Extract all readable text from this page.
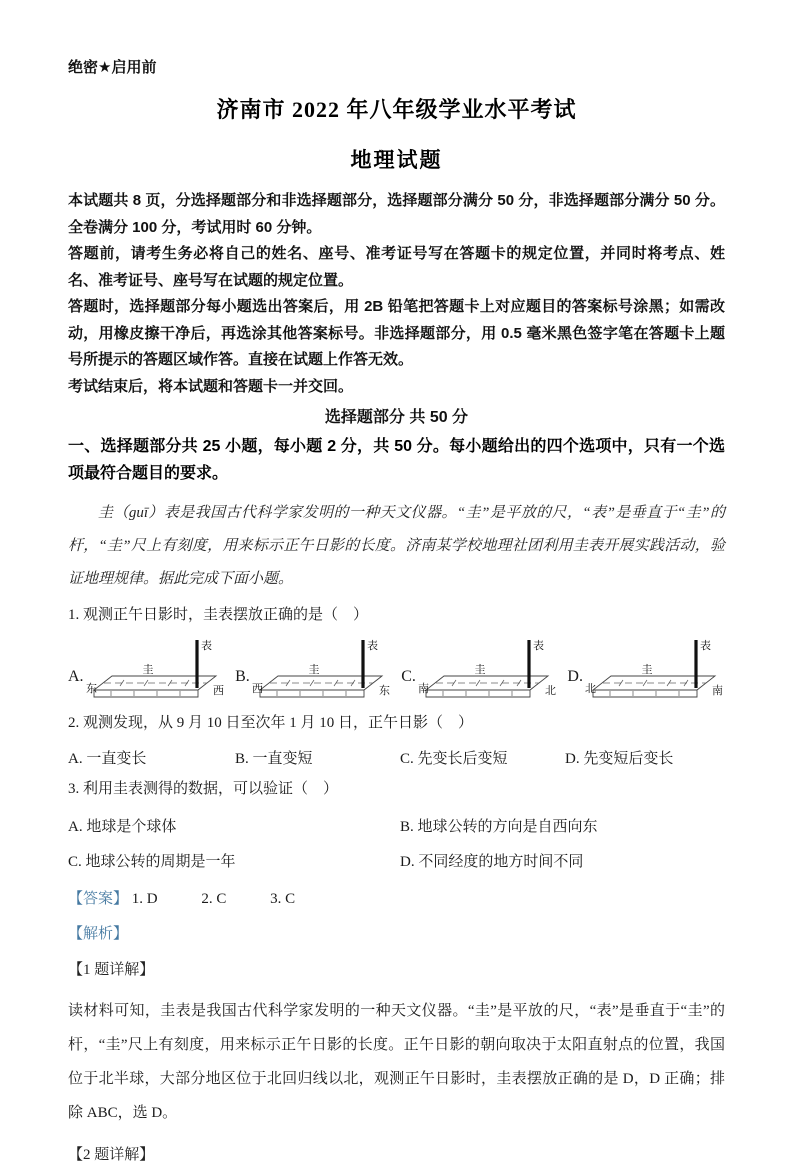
绝密★启用前
济南市 2022 年八年级学业水平考试
地理试题

本试题共 8 页，分选择题部分和非选择题部分，选择题部分满分 50 分，非选择题部分满分 50 分。全卷满分 100 分，考试用时 60 分钟。

答题前，请考生务必将自己的姓名、座号、准考证号写在答题卡的规定位置，并同时将考点、姓名、准考证号、座号写在试题的规定位置。

答题时，选择题部分每小题选出答案后，用 2B 铅笔把答题卡上对应题目的答案标号涂黑；如需改动，用橡皮擦干净后，再选涂其他答案标号。非选择题部分，用 0.5 毫米黑色签字笔在答题卡上题号所提示的答题区域作答。直接在试题上作答无效。

考试结束后，将本试题和答题卡一并交回。

选择题部分 共 50 分

一、选择题部分共 25 小题，每小题 2 分，共 50 分。每小题给出的四个选项中，只有一个选项最符合题目的要求。

圭（guī）表是我国古代科学家发明的一种天文仪器。“圭”是平放的尺，“表”是垂直于“圭”的杆，“圭”尺上有刻度，用来标示正午日影的长度。济南某学校地理社团利用圭表开展实践活动，验证地理规律。据此完成下面小题。

1. 观测正午日影时，圭表摆放正确的是（　）

A.
表
圭
东	西
B.
表
圭
西	东
C.
表
圭
南	北
D.
表
圭
北	南

2. 观测发现，从 9 月 10 日至次年 1 月 10 日，正午日影（　）

A. 一直变长	B. 一直变短	C. 先变长后变短	D. 先变短后变长

3. 利用圭表测得的数据，可以验证（　）

A. 地球是个球体	B. 地球公转的方向是自西向东
C. 地球公转的周期是一年	D. 不同经度的地方时间不同
【答案】 1. D	2. C	3. C
【解析】
【1 题详解】

读材料可知，圭表是我国古代科学家发明的一种天文仪器。“圭”是平放的尺，“表”是垂直于“圭”的杆，“圭”尺上有刻度，用来标示正午日影的长度。正午日影的朝向取决于太阳直射点的位置，我国位于北半球，大部分地区位于北回归线以北，观测正午日影时，圭表摆放正确的是 D，D 正确；排除 ABC，选 D。

【2 题详解】
